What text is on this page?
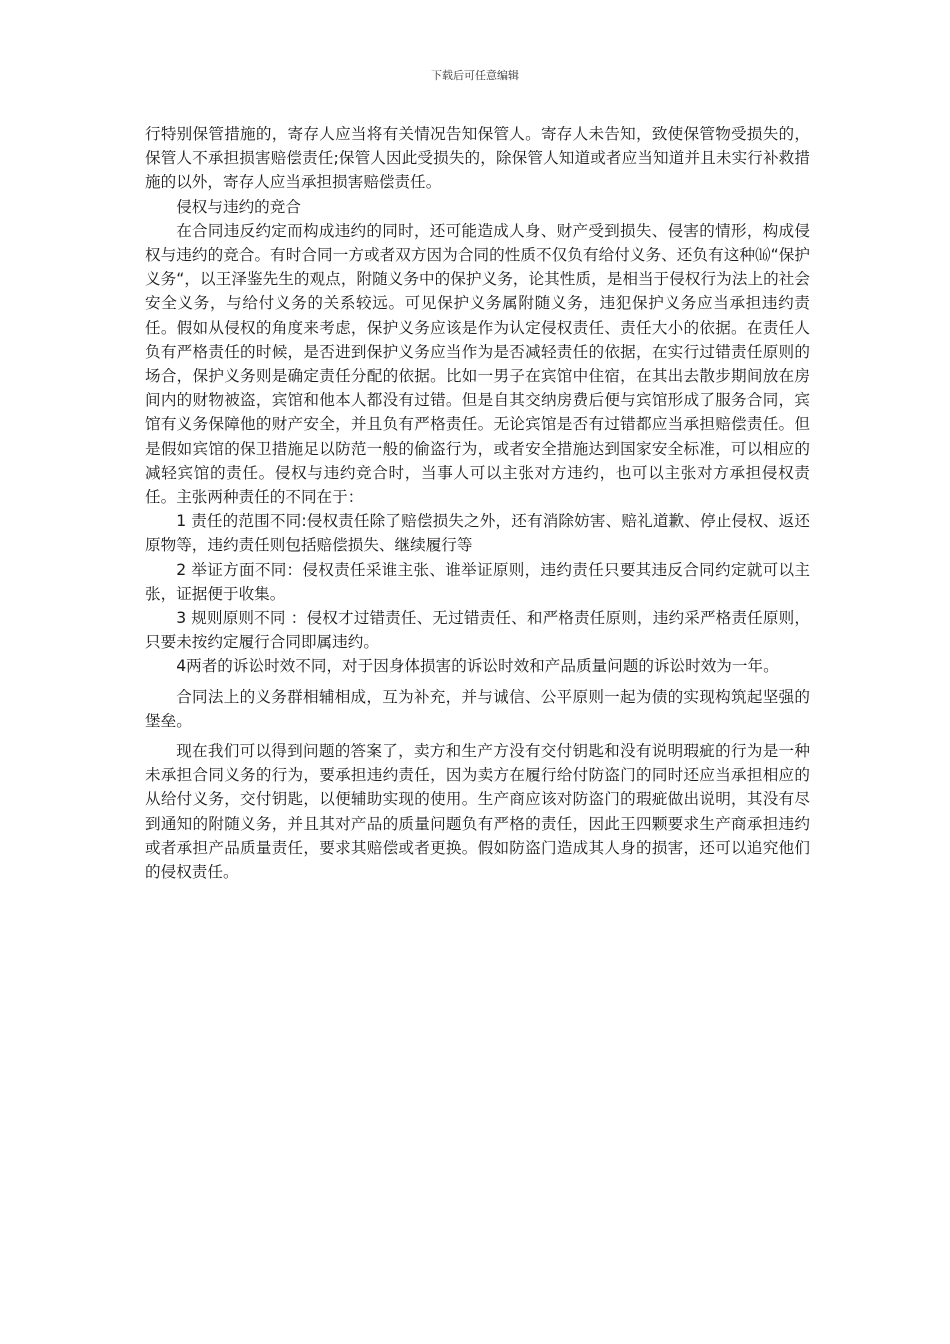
下载后可任意编辑

行特别保管措施的，寄存人应当将有关情况告知保管人。寄存人未告知，致使保管物受损失的，保管人不承担损害赔偿责任;保管人因此受损失的，除保管人知道或者应当知道并且未实行补救措施的以外，寄存人应当承担损害赔偿责任。

侵权与违约的竞合

在合同违反约定而构成违约的同时，还可能造成人身、财产受到损失、侵害的情形，构成侵权与违约的竞合。有时合同一方或者双方因为合同的性质不仅负有给付义务、还负有这种⒃“保护义务“，以王泽鉴先生的观点，附随义务中的保护义务，论其性质，是相当于侵权行为法上的社会安全义务，与给付义务的关系较远。可见保护义务属附随义务，违犯保护义务应当承担违约责任。假如从侵权的角度来考虑，保护义务应该是作为认定侵权责任、责任大小的依据。在责任人负有严格责任的时候，是否进到保护义务应当作为是否减轻责任的依据，在实行过错责任原则的场合，保护义务则是确定责任分配的依据。比如一男子在宾馆中住宿，在其出去散步期间放在房间内的财物被盗，宾馆和他本人都没有过错。但是自其交纳房费后便与宾馆形成了服务合同，宾馆有义务保障他的财产安全，并且负有严格责任。无论宾馆是否有过错都应当承担赔偿责任。但是假如宾馆的保卫措施足以防范一般的偷盗行为，或者安全措施达到国家安全标准，可以相应的减轻宾馆的责任。侵权与违约竞合时，当事人可以主张对方违约，也可以主张对方承担侵权责任。主张两种责任的不同在于：

1 责任的范围不同:侵权责任除了赔偿损失之外，还有消除妨害、赔礼道歉、停止侵权、返还原物等，违约责任则包括赔偿损失、继续履行等

2 举证方面不同：侵权责任采谁主张、谁举证原则，违约责任只要其违反合同约定就可以主张，证据便于收集。

3 规则原则不同 ：侵权才过错责任、无过错责任、和严格责任原则，违约采严格责任原则，只要未按约定履行合同即属违约。

4两者的诉讼时效不同，对于因身体损害的诉讼时效和产品质量问题的诉讼时效为一年。

合同法上的义务群相辅相成，互为补充，并与诚信、公平原则一起为债的实现构筑起坚强的堡垒。

现在我们可以得到问题的答案了，卖方和生产方没有交付钥匙和没有说明瑕疵的行为是一种未承担合同义务的行为，要承担违约责任，因为卖方在履行给付防盗门的同时还应当承担相应的从给付义务，交付钥匙，以便辅助实现的使用。生产商应该对防盗门的瑕疵做出说明，其没有尽到通知的附随义务，并且其对产品的质量问题负有严格的责任，因此王四颗要求生产商承担违约或者承担产品质量责任，要求其赔偿或者更换。假如防盗门造成其人身的损害，还可以追究他们的侵权责任。
